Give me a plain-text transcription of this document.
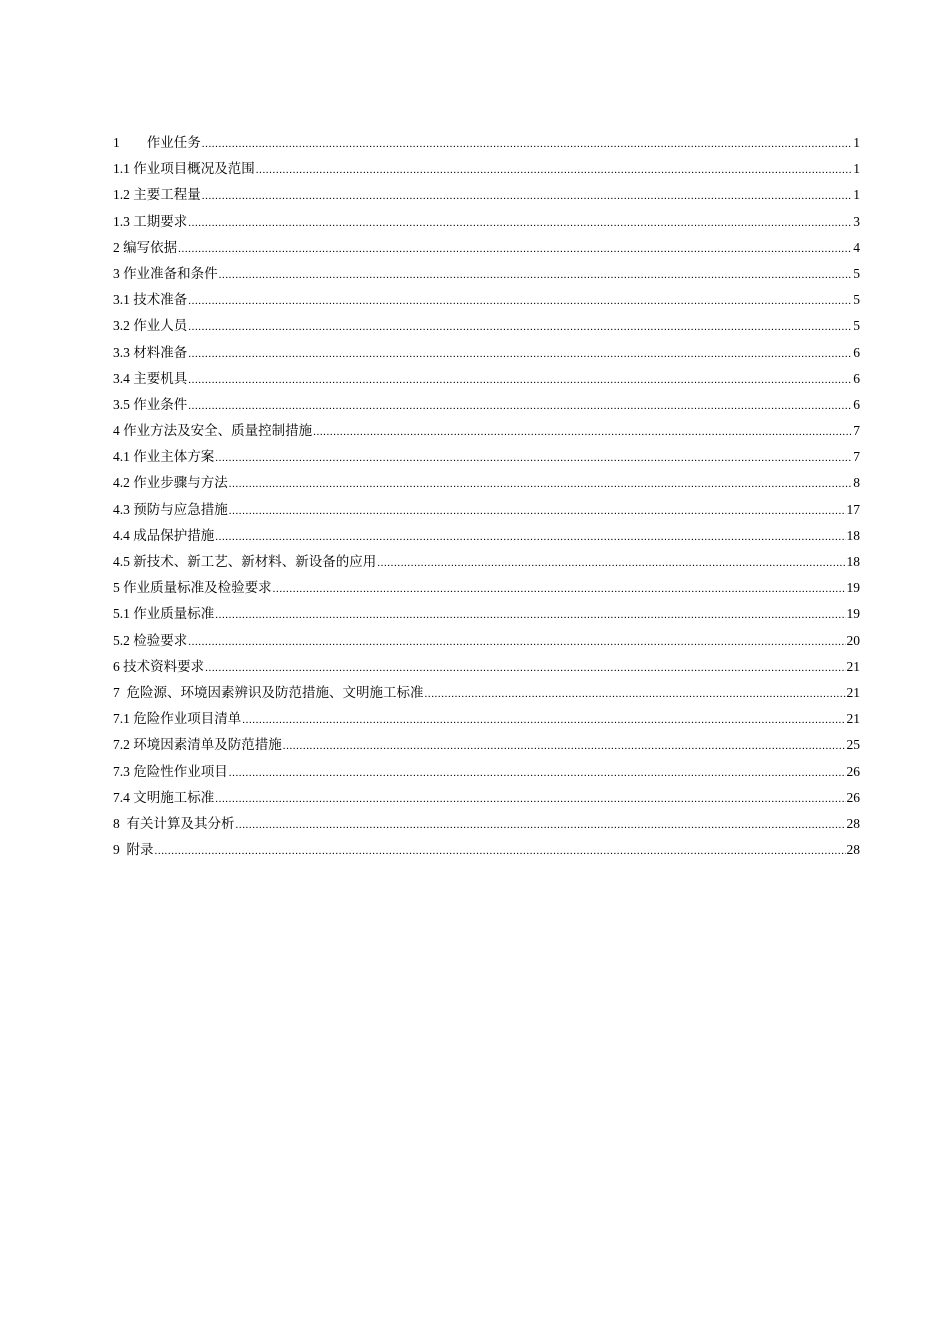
1　　作业任务 .....	1
1.1 作业项目概况及范围 .....	1
1.2 主要工程量 .....	1
1.3 工期要求 .....	3
2 编写依据 .....	4
3 作业准备和条件 .....	5
3.1 技术准备 .....	5
3.2 作业人员 .....	5
3.3 材料准备 .....	6
3.4 主要机具 .....	6
3.5 作业条件 .....	6
4 作业方法及安全、质量控制措施 .....	7
4.1 作业主体方案 .....	7
4.2 作业步骤与方法 .....	8
4.3 预防与应急措施 .....	17
4.4 成品保护措施 .....	18
4.5 新技术、新工艺、新材料、新设备的应用 .....	18
5 作业质量标准及检验要求 .....	19
5.1 作业质量标准 .....	19
5.2 检验要求 .....	20
6 技术资料要求 .....	21
7  危险源、环境因素辨识及防范措施、文明施工标准 .....	21
7.1 危险作业项目清单 .....	21
7.2 环境因素清单及防范措施 .....	25
7.3 危险性作业项目 .....	26
7.4 文明施工标准 .....	26
8  有关计算及其分析 .....	28
9  附录 .....	28
